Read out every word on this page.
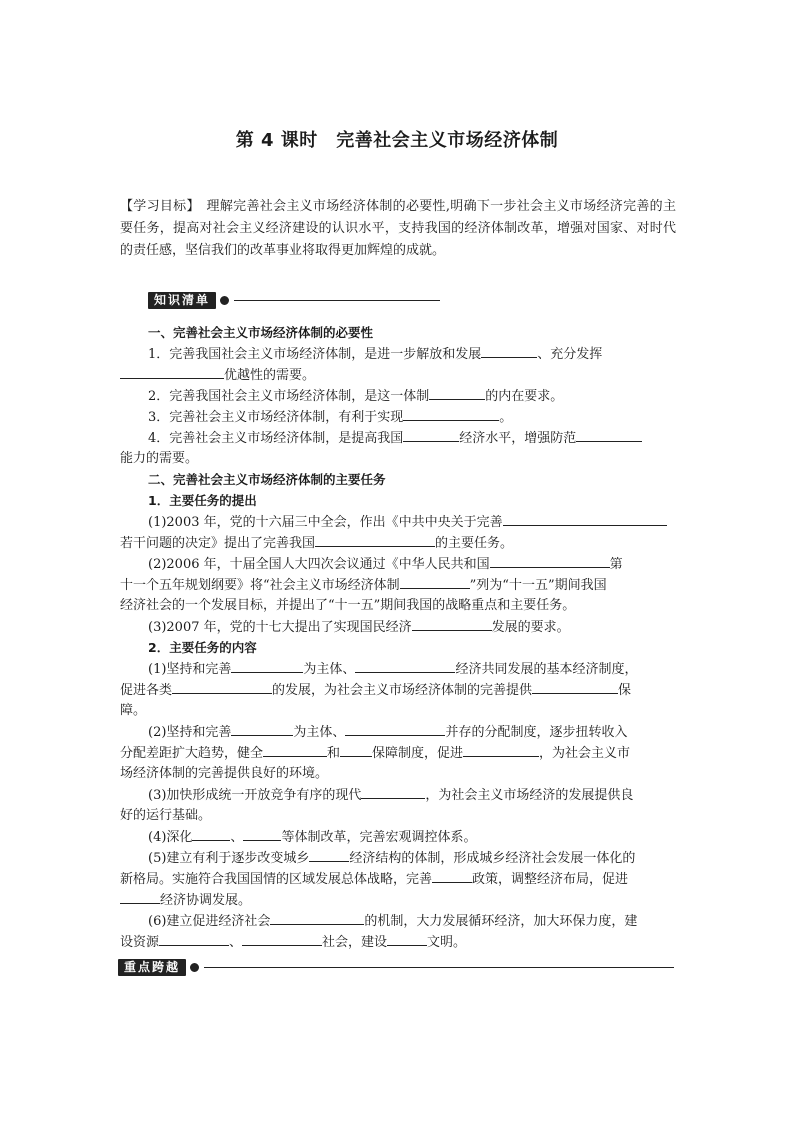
第 4 课时　完善社会主义市场经济体制
【学习目标】　理解完善社会主义市场经济体制的必要性,明确下一步社会主义市场经济完善的主要任务，提高对社会主义经济建设的认识水平，支持我国的经济体制改革，增强对国家、对时代的责任感，坚信我们的改革事业将取得更加辉煌的成就。
知识清单
一、完善社会主义市场经济体制的必要性
1．完善我国社会主义市场经济体制，是进一步解放和发展	、充分发挥
优越性的需要。
2．完善我国社会主义市场经济体制，是这一体制	的内在要求。
3．完善社会主义市场经济体制，有利于实现	。
4．完善社会主义市场经济体制，是提高我国	经济水平，增强防范
能力的需要。
二、完善社会主义市场经济体制的主要任务
1．主要任务的提出
(1)2003 年，党的十六届三中全会，作出《中共中央关于完善
若干问题的决定》提出了完善我国	的主要任务。
(2)2006 年，十届全国人大四次会议通过《中华人民共和国	第
十一个五年规划纲要》将“社会主义市场经济体制	”列为“十一五”期间我国
经济社会的一个发展目标，并提出了“十一五”期间我国的战略重点和主要任务。
(3)2007 年，党的十七大提出了实现国民经济	发展的要求。
2．主要任务的内容
(1)坚持和完善	为主体、	经济共同发展的基本经济制度，
促进各类	的发展，为社会主义市场经济体制的完善提供	保
障。
(2)坚持和完善	为主体、	并存的分配制度，逐步扭转收入
分配差距扩大趋势，健全	和 保障制度，促进	，为社会主义市
场经济体制的完善提供良好的环境。
(3)加快形成统一开放竞争有序的现代	，为社会主义市场经济的发展提供良
好的运行基础。
(4)深化	、	等体制改革，完善宏观调控体系。
(5)建立有利于逐步改变城乡	经济结构的体制，形成城乡经济社会发展一体化的
新格局。实施符合我国国情的区域发展总体战略，完善	政策，调整经济布局，促进
经济协调发展。
(6)建立促进经济社会	的机制，大力发展循环经济，加大环保力度，建
设资源	、	社会，建设	文明。
重点跨越
